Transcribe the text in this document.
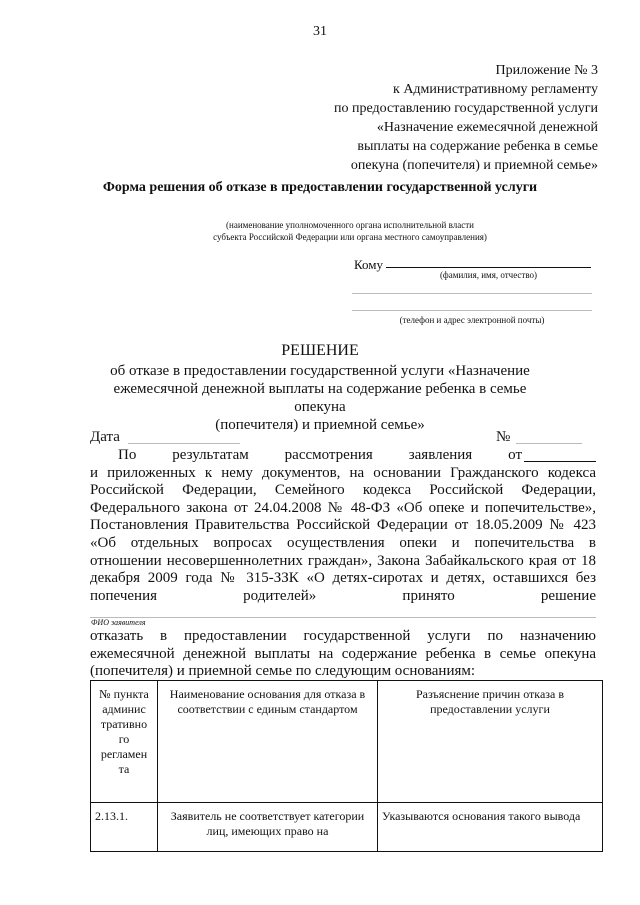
31
Приложение № 3
к Административному регламенту
по предоставлению государственной услуги
«Назначение ежемесячной денежной
выплаты на содержание ребенка в семье
опекуна (попечителя) и приемной семье»
Форма решения об отказе в предоставлении государственной услуги
(наименование уполномоченного органа исполнительной власти
субъекта Российской Федерации или органа местного самоуправления)
Кому
(фамилия, имя, отчество)
(телефон и адрес электронной почты)
РЕШЕНИЕ
об отказе в предоставлении государственной услуги «Назначение
ежемесячной денежной выплаты на содержание ребенка в семье опекуна
(попечителя) и приемной семье»
Дата	№
По результатам рассмотрения заявления от
и приложенных к нему документов, на основании Гражданского кодекса
Российской Федерации, Семейного кодекса Российской Федерации,
Федерального закона от 24.04.2008 № 48-ФЗ «Об опеке и попечительстве»,
Постановления Правительства Российской Федерации от 18.05.2009 № 423
«Об отдельных вопросах осуществления опеки и попечительства в
отношении несовершеннолетних граждан», Закона Забайкальского края от 18
декабря 2009 года № 315-ЗЗК «О детях-сиротах и детях, оставшихся без
попечения родителей» принято решение
ФИО заявителя
отказать в предоставлении государственной услуги по назначению
ежемесячной денежной выплаты на содержание ребенка в семье опекуна
(попечителя) и приемной семье по следующим основаниям:
№ пункта админис тративно го регламен та	Наименование основания для отказа в соответствии с единым стандартом	Разъяснение причин отказа в предоставлении услуги
2.13.1.	Заявитель не соответствует категории лиц, имеющих право на	Указываются основания такого вывода
